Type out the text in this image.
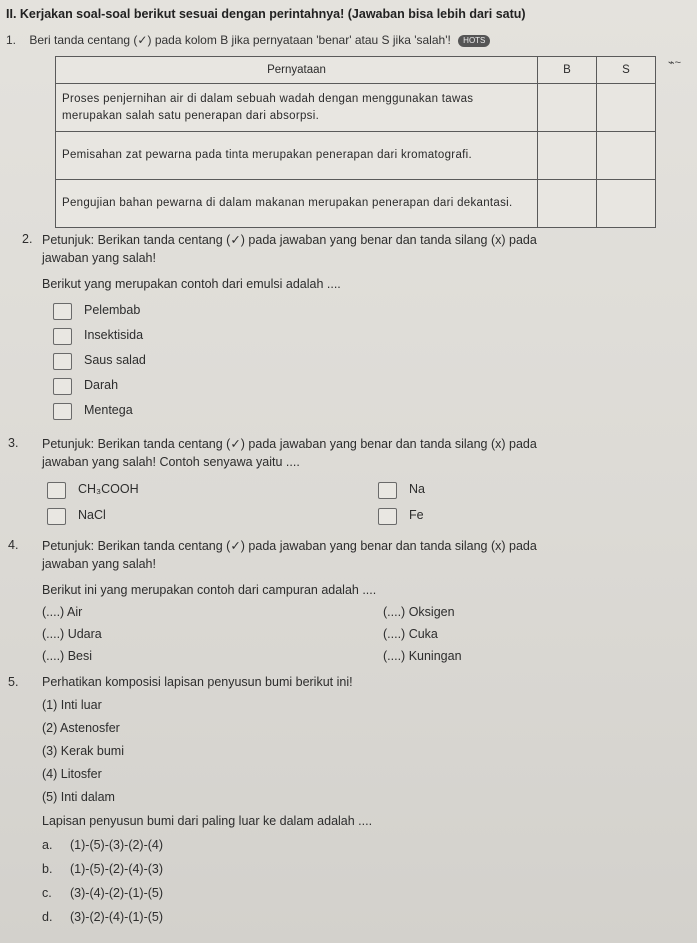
II. Kerjakan soal-soal berikut sesuai dengan perintahnya! (Jawaban bisa lebih dari satu)
1. Beri tanda centang (✓) pada kolom B jika pernyataan 'benar' atau S jika 'salah'! HOTS
⌁~
Pernyataan	B	S
Proses penjernihan air di dalam sebuah wadah dengan menggunakan tawas merupakan salah satu penerapan dari absorpsi.		
Pemisahan zat pewarna pada tinta merupakan penerapan dari kromatografi.		
Pengujian bahan pewarna di dalam makanan merupakan penerapan dari dekantasi.		
2. Petunjuk: Berikan tanda centang (✓) pada jawaban yang benar dan tanda silang (x) pada
jawaban yang salah!
Berikut yang merupakan contoh dari emulsi adalah ....
Pelembab
Insektisida
Saus salad
Darah
Mentega
3. Petunjuk: Berikan tanda centang (✓) pada jawaban yang benar dan tanda silang (x) pada
jawaban yang salah! Contoh senyawa yaitu ....
CH₃COOH
NaCl
Na
Fe
4. Petunjuk: Berikan tanda centang (✓) pada jawaban yang benar dan tanda silang (x) pada
jawaban yang salah!
Berikut ini yang merupakan contoh dari campuran adalah ....
(....) Air
(....) Udara
(....) Besi
(....) Oksigen
(....) Cuka
(....) Kuningan
5. Perhatikan komposisi lapisan penyusun bumi berikut ini!
(1) Inti luar
(2) Astenosfer
(3) Kerak bumi
(4) Litosfer
(5) Inti dalam
Lapisan penyusun bumi dari paling luar ke dalam adalah ....
a. (1)-(5)-(3)-(2)-(4)
b. (1)-(5)-(2)-(4)-(3)
c. (3)-(4)-(2)-(1)-(5)
d. (3)-(2)-(4)-(1)-(5)
